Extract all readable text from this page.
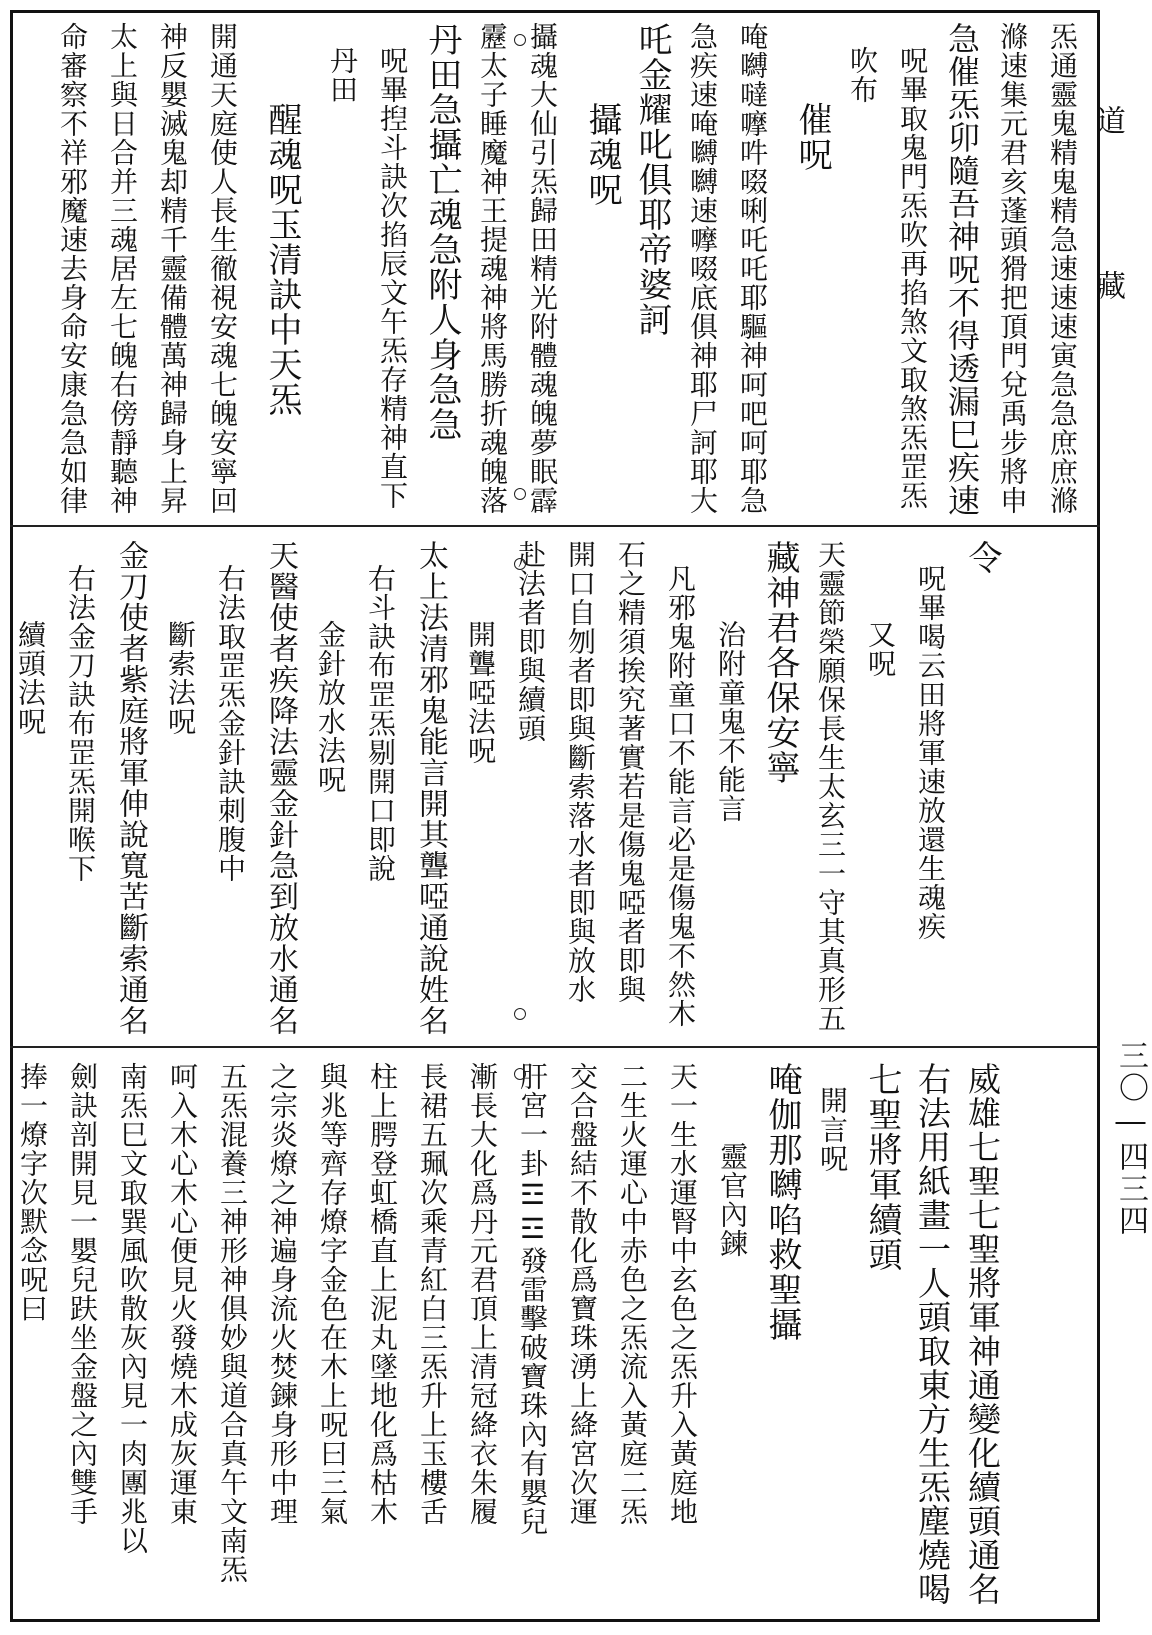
道
藏
三〇―四三四
炁通靈鬼精鬼精急速速速寅急急庶庶滌
滌速集元君亥蓬頭猾把頂門兌禹步將申
急催炁卯隨吾神呪不得透漏巳疾速
呪畢取鬼門炁吹再掐煞文取煞炁罡炁
吹布
催呪
唵嚩噠嚤吽啜唎吒吒耶驅神呵吧呵耶急
急疾速唵嚩嚩速嚤啜底俱神耶尸訶耶大
吒金耀叱俱耶帝婆訶
攝魂呪
攝魂大仙引炁歸田精光附體魂魄夢眠霹
靂太子睡魔神王提魂神將馬勝折魂魄落
丹田急攝亡魂急附人身急急
呪畢揑斗訣次掐辰文午炁存精神直下
丹田
醒魂呪玉清訣中天炁
開通天庭使人長生徹視安魂七魄安寧回
神反嬰滅鬼却精千靈備體萬神歸身上昇
太上與日合并三魂居左七魄右傍靜聽神
命審察不祥邪魔速去身命安康急急如律
令
呪畢喝云田將軍速放還生魂疾
又呪
天靈節榮願保長生太玄三一守其真形五
藏神君各保安寧
治附童鬼不能言
凡邪鬼附童口不能言必是傷鬼不然木
石之精須挨究著實若是傷鬼啞者即與
開口自刎者即與斷索落水者即與放水
赴法者即與續頭
開聾啞法呪
太上法清邪鬼能言開其聾啞通說姓名
右斗訣布罡炁剔開口即說
金針放水法呪
天醫使者疾降法靈金針急到放水通名
右法取罡炁金針訣刺腹中
斷索法呪
金刀使者紫庭將軍伸說寬苦斷索通名
右法金刀訣布罡炁開喉下
續頭法呪
威雄七聖七聖將軍神通變化續頭通名
右法用紙畫一人頭取東方生炁塵燒喝
七聖將軍續頭
開言呪
唵伽那嚩啗救聖攝
靈官內鍊
天一生水運腎中玄色之炁升入黃庭地
二生火運心中赤色之炁流入黃庭二炁
交合盤結不散化爲寶珠湧上絳宮次運
肝宮一卦☲☲發雷擊破寶珠內有嬰兒
漸長大化爲丹元君頂上清冠絳衣朱履
長裙五珮次乘青紅白三炁升上玉樓舌
柱上腭登虹橋直上泥丸墜地化爲枯木
與兆等齊存燎字金色在木上呪曰三氣
之宗炎燎之神遍身流火焚鍊身形中理
五炁混養三神形神俱妙與道合真午文南炁
呵入木心木心便見火發燒木成灰運東
南炁巳文取巽風吹散灰內見一肉團兆以
劍訣剖開見一嬰兒趺坐金盤之內雙手
捧一燎字次默念呪曰
